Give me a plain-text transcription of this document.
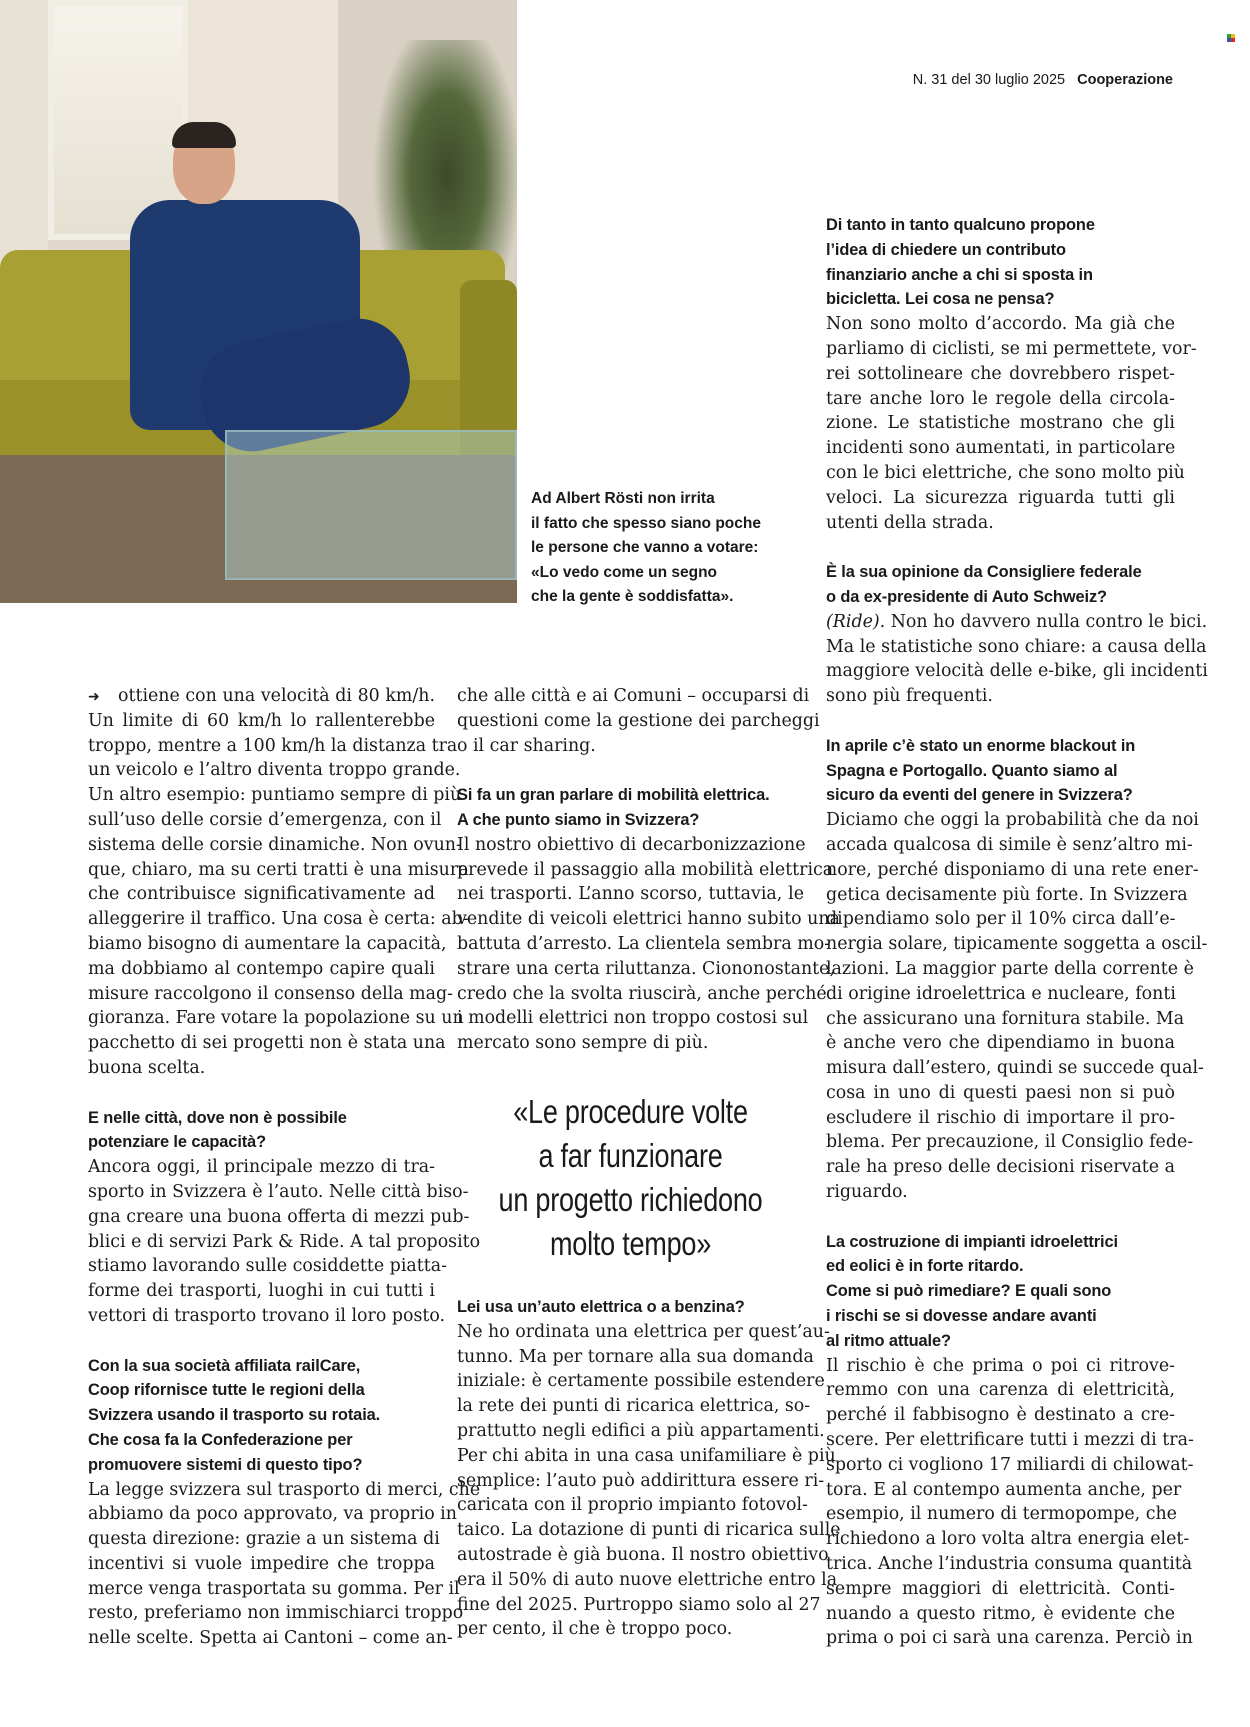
N. 31 del 30 luglio 2025 Cooperazione
Ad Albert Rösti non irrita
il fatto che spesso siano poche
le persone che vanno a votare:
«Lo vedo come un segno
che la gente è soddisfatta».
➜ ottiene con una velocità di 80 km/h.
Un limite di 60 km/h lo rallenterebbe
troppo, mentre a 100 km/h la distanza tra
un veicolo e l’altro diventa troppo grande.
Un altro esempio: puntiamo sempre di più
sull’uso delle corsie d’emergenza, con il
sistema delle corsie dinamiche. Non ovun-
que, chiaro, ma su certi tratti è una misura
che contribuisce significativamente ad
alleggerire il traffico. Una cosa è certa: ab-
biamo bisogno di aumentare la capacità,
ma dobbiamo al contempo capire quali
misure raccolgono il consenso della mag-
gioranza. Fare votare la popolazione su un
pacchetto di sei progetti non è stata una
buona scelta.
E nelle città, dove non è possibile
potenziare le capacità?
Ancora oggi, il principale mezzo di tra-
sporto in Svizzera è l’auto. Nelle città biso-
gna creare una buona offerta di mezzi pub-
blici e di servizi Park & Ride. A tal proposito
stiamo lavorando sulle cosiddette piatta-
forme dei trasporti, luoghi in cui tutti i
vettori di trasporto trovano il loro posto.
Con la sua società affiliata railCare,
Coop rifornisce tutte le regioni della
Svizzera usando il trasporto su rotaia.
Che cosa fa la Confederazione per
promuovere sistemi di questo tipo?
La legge svizzera sul trasporto di merci, che
abbiamo da poco approvato, va proprio in
questa direzione: grazie a un sistema di
incentivi si vuole impedire che troppa
merce venga trasportata su gomma. Per il
resto, preferiamo non immischiarci troppo
nelle scelte. Spetta ai Cantoni – come an-
che alle città e ai Comuni – occuparsi di
questioni come la gestione dei parcheggi
o il car sharing.
Si fa un gran parlare di mobilità elettrica.
A che punto siamo in Svizzera?
Il nostro obiettivo di decarbonizzazione
prevede il passaggio alla mobilità elettrica
nei trasporti. L’anno scorso, tuttavia, le
vendite di veicoli elettrici hanno subito una
battuta d’arresto. La clientela sembra mo-
strare una certa riluttanza. Ciononostante,
credo che la svolta riuscirà, anche perché
i modelli elettrici non troppo costosi sul
mercato sono sempre di più.
«Le procedure volte
a far funzionare
un progetto richiedono
molto tempo»
Lei usa un’auto elettrica o a benzina?
Ne ho ordinata una elettrica per quest’au-
tunno. Ma per tornare alla sua domanda
iniziale: è certamente possibile estendere
la rete dei punti di ricarica elettrica, so-
prattutto negli edifici a più appartamenti.
Per chi abita in una casa unifamiliare è più
semplice: l’auto può addirittura essere ri-
caricata con il proprio impianto fotovol-
taico. La dotazione di punti di ricarica sulle
autostrade è già buona. Il nostro obiettivo
era il 50% di auto nuove elettriche entro la
fine del 2025. Purtroppo siamo solo al 27
per cento, il che è troppo poco.
Di tanto in tanto qualcuno propone
l’idea di chiedere un contributo
finanziario anche a chi si sposta in
bicicletta. Lei cosa ne pensa?
Non sono molto d’accordo. Ma già che
parliamo di ciclisti, se mi permettete, vor-
rei sottolineare che dovrebbero rispet-
tare anche loro le regole della circola-
zione. Le statistiche mostrano che gli
incidenti sono aumentati, in particolare
con le bici elettriche, che sono molto più
veloci. La sicurezza riguarda tutti gli
utenti della strada.
È la sua opinione da Consigliere federale
o da ex-presidente di Auto Schweiz?
(Ride). Non ho davvero nulla contro le bici.
Ma le statistiche sono chiare: a causa della
maggiore velocità delle e-bike, gli incidenti
sono più frequenti.
In aprile c’è stato un enorme blackout in
Spagna e Portogallo. Quanto siamo al
sicuro da eventi del genere in Svizzera?
Diciamo che oggi la probabilità che da noi
accada qualcosa di simile è senz’altro mi-
nore, perché disponiamo di una rete ener-
getica decisamente più forte. In Svizzera
dipendiamo solo per il 10% circa dall’e-
nergia solare, tipicamente soggetta a oscil-
lazioni. La maggior parte della corrente è
di origine idroelettrica e nucleare, fonti
che assicurano una fornitura stabile. Ma
è anche vero che dipendiamo in buona
misura dall’estero, quindi se succede qual-
cosa in uno di questi paesi non si può
escludere il rischio di importare il pro-
blema. Per precauzione, il Consiglio fede-
rale ha preso delle decisioni riservate a
riguardo.
La costruzione di impianti idroelettrici
ed eolici è in forte ritardo.
Come si può rimediare? E quali sono
i rischi se si dovesse andare avanti
al ritmo attuale?
Il rischio è che prima o poi ci ritrove-
remmo con una carenza di elettricità,
perché il fabbisogno è destinato a cre-
scere. Per elettrificare tutti i mezzi di tra-
sporto ci vogliono 17 miliardi di chilowat-
tora. E al contempo aumenta anche, per
esempio, il numero di termopompe, che
richiedono a loro volta altra energia elet-
trica. Anche l’industria consuma quantità
sempre maggiori di elettricità. Conti-
nuando a questo ritmo, è evidente che
prima o poi ci sarà una carenza. Perciò in
